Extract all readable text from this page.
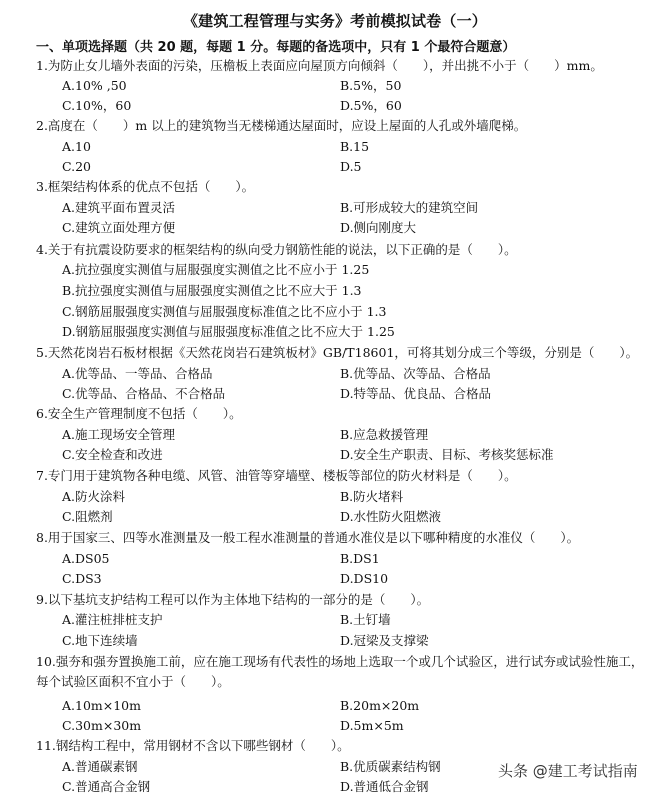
《建筑工程管理与实务》考前模拟试卷（一）
一、单项选择题（共 20 题，每题 1 分。每题的备选项中，只有 1 个最符合题意）
1.为防止女儿墙外表面的污染，压檐板上表面应向屋顶方向倾斜（　　），并出挑不小于（　　）mm。
A.10% ,50	B.5%，50
C.10%，60	D.5%，60
2.高度在（　　）m 以上的建筑物当无楼梯通达屋面时，应设上屋面的人孔或外墙爬梯。
A.10	B.15
C.20	D.5
3.框架结构体系的优点不包括（　　）。
A.建筑平面布置灵活	B.可形成较大的建筑空间
C.建筑立面处理方便	D.侧向刚度大
4.关于有抗震设防要求的框架结构的纵向受力钢筋性能的说法，以下正确的是（　　）。
A.抗拉强度实测值与屈服强度实测值之比不应小于 1.25
B.抗拉强度实测值与屈服强度实测值之比不应大于 1.3
C.钢筋屈服强度实测值与屈服强度标准值之比不应小于 1.3
D.钢筋屈服强度实测值与屈服强度标准值之比不应大于 1.25
5.天然花岗岩石板材根据《天然花岗岩石建筑板材》GB/T18601，可将其划分成三个等级，分别是（　　）。
A.优等品、一等品、合格品	B.优等品、次等品、合格品
C.优等品、合格品、不合格品	D.特等品、优良品、合格品
6.安全生产管理制度不包括（　　）。
A.施工现场安全管理	B.应急救援管理
C.安全检查和改进	D.安全生产职责、目标、考核奖惩标准
7.专门用于建筑物各种电缆、风管、油管等穿墙壁、楼板等部位的防火材料是（　　）。
A.防火涂料	B.防火堵料
C.阻燃剂	D.水性防火阻燃液
8.用于国家三、四等水准测量及一般工程水准测量的普通水准仪是以下哪种精度的水准仪（　　）。
A.DS05	B.DS1
C.DS3	D.DS10
9.以下基坑支护结构工程可以作为主体地下结构的一部分的是（　　）。
A.灌注桩排桩支护	B.土钉墙
C.地下连续墙	D.冠梁及支撑梁
10.强夯和强夯置换施工前，应在施工现场有代表性的场地上选取一个或几个试验区，进行试夯或试验性施工，
每个试验区面积不宜小于（　　）。
A.10m×10m	B.20m×20m
C.30m×30m	D.5m×5m
11.钢结构工程中，常用钢材不含以下哪些钢材（　　）。
A.普通碳素钢	B.优质碳素结构钢
C.普通高合金钢	D.普通低合金钢
头条 @建工考试指南
